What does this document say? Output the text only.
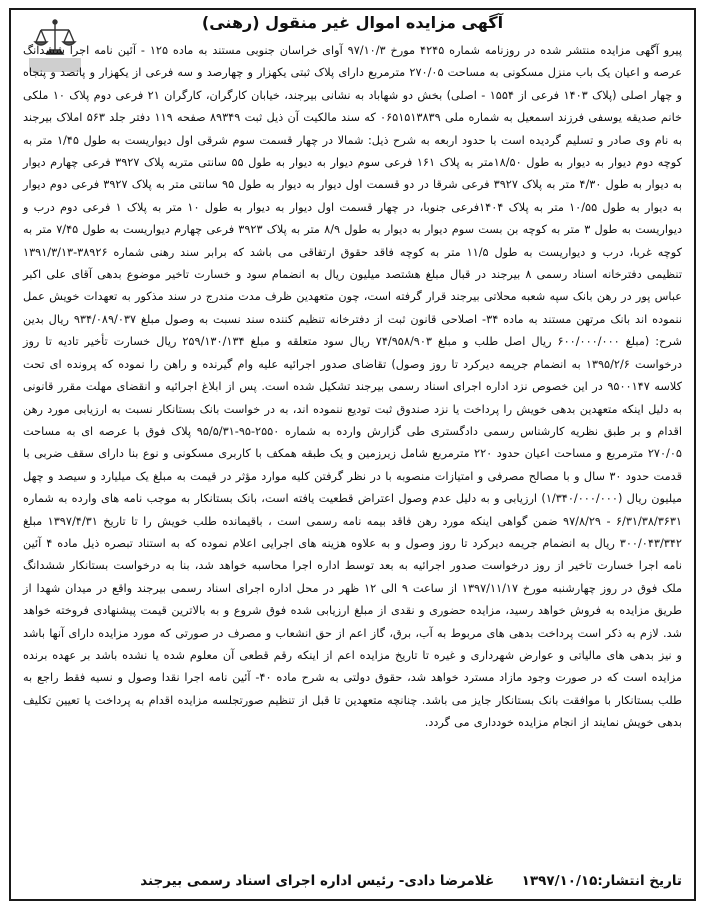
آگهی مزایده اموال غیر منقول (رهنی)
پیرو آگهی مزایده منتشر شده در روزنامه شماره ۴۲۴۵ مورخ ۹۷/۱۰/۳ آوای خراسان جنوبی مستند به ماده ۱۲۵ - آئین نامه اجرا ششدانگ عرصه و اعیان یک باب منزل مسکونی به مساحت ۲۷۰/۰۵ مترمربع دارای پلاک ثبتی یکهزار و چهارصد و سه فرعی از یکهزار و پانصد و پنجاه و چهار اصلی (پلاک ۱۴۰۳ فرعی از ۱۵۵۴ - اصلی) بخش دو شهاباد به نشانی بیرجند، خیابان کارگران، کارگران ۲۱ فرعی دوم پلاک ۱۰ ملکی خانم صدیقه یوسفی فرزند اسمعیل به شماره ملی ۰۶۵۱۵۱۳۸۳۹ که سند مالکیت آن ذیل ثبت ۸۹۳۴۹ صفحه ۱۱۹ دفتر جلد ۵۶۳ املاک بیرجند به نام وی صادر و تسلیم گردیده است با حدود اربعه به شرح ذیل: شمالا در چهار قسمت سوم شرقی اول دیواریست به طول ۱/۴۵ متر به کوچه دوم دیوار به دیوار به طول ۱۸/۵۰متر به پلاک ۱۶۱ فرعی سوم دیوار به دیوار به طول ۵۵ سانتی متربه پلاک ۳۹۲۷ فرعی چهارم دیوار به دیوار به طول ۴/۳۰ متر به پلاک ۳۹۲۷ فرعی شرقا در دو قسمت اول دیوار به دیوار به طول ۹۵ سانتی متر به پلاک ۳۹۲۷ فرعی دوم دیوار به دیوار به طول ۱۰/۵۵ متر به پلاک ۱۴۰۴فرعی جنوبا، در چهار قسمت اول دیوار به دیوار به طول ۱۰ متر به پلاک ۱ فرعی دوم درب و دیواریست به طول ۳ متر به کوچه بن بست سوم دیوار به دیوار به طول ۸/۹ متر به پلاک ۳۹۲۳ فرعی چهارم دیواریست به طول ۷/۴۵ متر به کوچه غربا، درب و دیواریست به طول ۱۱/۵ متر به کوچه فاقد حقوق ارتفاقی می باشد که برابر سند رهنی شماره ۳۸۹۲۶-۱۳۹۱/۳/۱۳ تنظیمی دفترخانه اسناد رسمی ۸ بیرجند در قبال مبلغ هشتصد میلیون ریال به انضمام سود و خسارت تاخیر موضوع بدهی آقای علی اکبر عباس پور در رهن بانک سپه شعبه محلاتی بیرجند قرار گرفته است، چون متعهدین ظرف مدت مندرج در سند مذکور به تعهدات خویش عمل ننموده اند بانک مرتهن مستند به ماده ۳۴- اصلاحی قانون ثبت از دفترخانه تنظیم کننده سند نسبت به وصول مبلغ ۹۳۴/۰۸۹/۰۳۷ ریال بدین شرح: (مبلغ ۶۰۰/۰۰۰/۰۰۰ ریال اصل طلب و مبلغ ۷۴/۹۵۸/۹۰۳ ریال سود متعلقه و مبلغ ۲۵۹/۱۳۰/۱۳۴ ریال خسارت تأخیر تادیه تا روز درخواست ۱۳۹۵/۲/۶ به انضمام جریمه دیرکرد تا روز وصول) تقاضای صدور اجرائیه علیه وام گیرنده و راهن را نموده که پرونده ای تحت کلاسه ۹۵۰۰۱۴۷ در این خصوص نزد اداره اجرای اسناد رسمی بیرجند تشکیل شده است. پس از ابلاغ اجرائیه و انقضای مهلت مقرر قانونی به دلیل اینکه متعهدین بدهی خویش را پرداخت یا نزد صندوق ثبت تودیع ننموده اند، به در خواست بانک بستانکار نسبت به ارزیابی مورد رهن اقدام و بر طبق نظریه کارشناس رسمی دادگستری طی گزارش وارده به شماره ۲۵۵۰-۹۵-۹۵/۵/۳۱ پلاک فوق با عرصه ای به مساحت ۲۷۰/۰۵ مترمربع و مساحت اعیان حدود ۲۲۰ مترمربع شامل زیرزمین و یک طبقه همکف با کاربری مسکونی و نوع بنا دارای سقف ضربی با قدمت حدود ۳۰ سال و با مصالح مصرفی و امتیازات منصوبه با در نظر گرفتن کلیه موارد مؤثر در قیمت به مبلغ یک میلیارد و سیصد و چهل میلیون ریال (۱/۳۴۰/۰۰۰/۰۰۰) ارزیابی و به دلیل عدم وصول اعتراض قطعیت یافته است، بانک بستانکار به موجب نامه های وارده به شماره ۶/۳۱/۳۸/۳۶۳۱ - ۹۷/۸/۲۹ ضمن گواهی اینکه مورد رهن فاقد بیمه نامه رسمی است ، باقیمانده طلب خویش را تا تاریخ ۱۳۹۷/۴/۳۱ مبلغ ۳۰۰/۰۴۳/۳۴۲ ریال به انضمام جریمه دیرکرد تا روز وصول و به علاوه هزینه های اجرایی اعلام نموده که به استناد تبصره ذیل ماده ۴ آئین نامه اجرا خسارت تاخیر از روز درخواست صدور اجرائیه به بعد توسط اداره اجرا محاسبه خواهد شد، بنا به درخواست بستانکار ششدانگ ملک فوق در روز چهارشنبه مورخ ۱۳۹۷/۱۱/۱۷ از ساعت ۹ الی ۱۲ ظهر در محل اداره اجرای اسناد رسمی بیرجند واقع در میدان شهدا از طریق مزایده به فروش خواهد رسید، مزایده حضوری و نقدی از مبلغ ارزیابی شده فوق شروع و به بالاترین قیمت پیشنهادی فروخته خواهد شد. لازم به ذکر است پرداخت بدهی های مربوط به آب، برق، گاز اعم از حق انشعاب و مصرف در صورتی که مورد مزایده دارای آنها باشد و نیز بدهی های مالیاتی و عوارض شهرداری و غیره تا تاریخ مزایده اعم از اینکه رقم قطعی آن معلوم شده یا نشده باشد بر عهده برنده مزایده است که در صورت وجود مازاد مسترد خواهد شد، حقوق دولتی به شرح ماده ۴۰- آئین نامه اجرا نقدا وصول و نسیه فقط راجع به طلب بستانکار با موافقت بانک بستانکار جایز می باشد. چنانچه متعهدین تا قبل از تنظیم صورتجلسه مزایده اقدام به پرداخت یا تعیین تکلیف بدهی خویش نمایند از انجام مزایده خودداری می گردد.
تاریخ انتشار:۱۳۹۷/۱۰/۱۵  غلامرضا دادی- رئیس اداره اجرای اسناد رسمی بیرجند
